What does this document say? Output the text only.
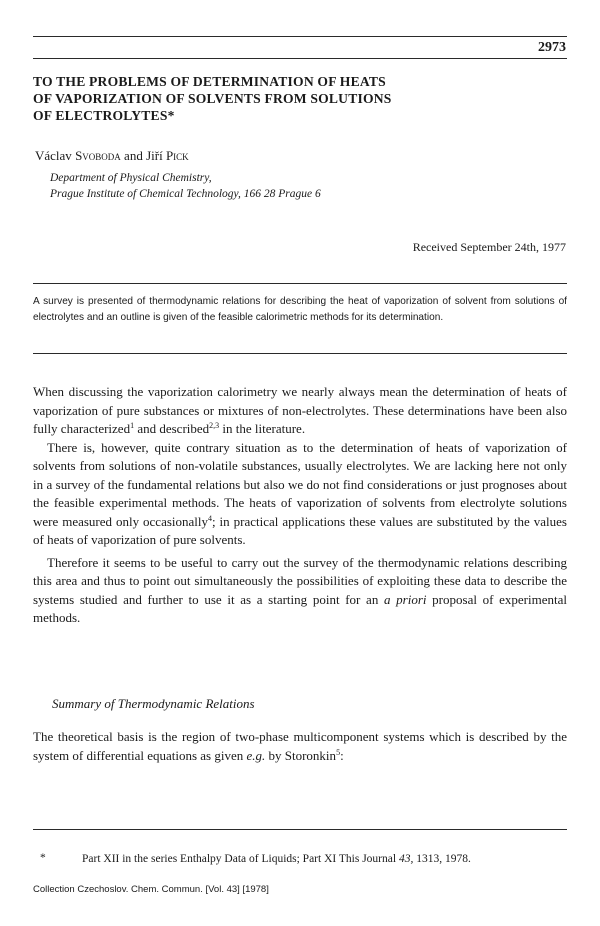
2973
TO THE PROBLEMS OF DETERMINATION OF HEATS
OF VAPORIZATION OF SOLVENTS FROM SOLUTIONS
OF ELECTROLYTES*
Václav Svoboda and Jiří Pick
Department of Physical Chemistry,
Prague Institute of Chemical Technology, 166 28 Prague 6
Received September 24th, 1977
A survey is presented of thermodynamic relations for describing the heat of vaporization of solvent from solutions of electrolytes and an outline is given of the feasible calorimetric methods for its determination.

When discussing the vaporization calorimetry we nearly always mean the determination of heats of vaporization of pure substances or mixtures of non-electrolytes. These determinations have been also fully characterized$^1$ and described$^{2,3}$ in the literature.

There is, however, quite contrary situation as to the determination of heats of vaporization of solvents from solutions of non-volatile substances, usually electrolytes. We are lacking here not only in a survey of the fundamental relations but also we do not find considerations or just prognoses about the feasible experimental methods. The heats of vaporization of solvents from electrolyte solutions were measured only occasionally$^4$; in practical applications these values are substituted by the values of heats of vaporization of pure solvents.

Therefore it seems to be useful to carry out the survey of the thermodynamic relations describing this area and thus to point out simultaneously the possibilities of exploiting these data to describe the systems studied and further to use it as a starting point for an a priori proposal of experimental methods.

Summary of Thermodynamic Relations
The theoretical basis is the region of two-phase multicomponent systems which is described by the system of differential equations as given e.g. by Storonkin$^5$:
*	Part XII in the series Enthalpy Data of Liquids; Part XI This Journal 43, 1313, 1978.
Collection Czechoslov. Chem. Commun. [Vol. 43] [1978]
